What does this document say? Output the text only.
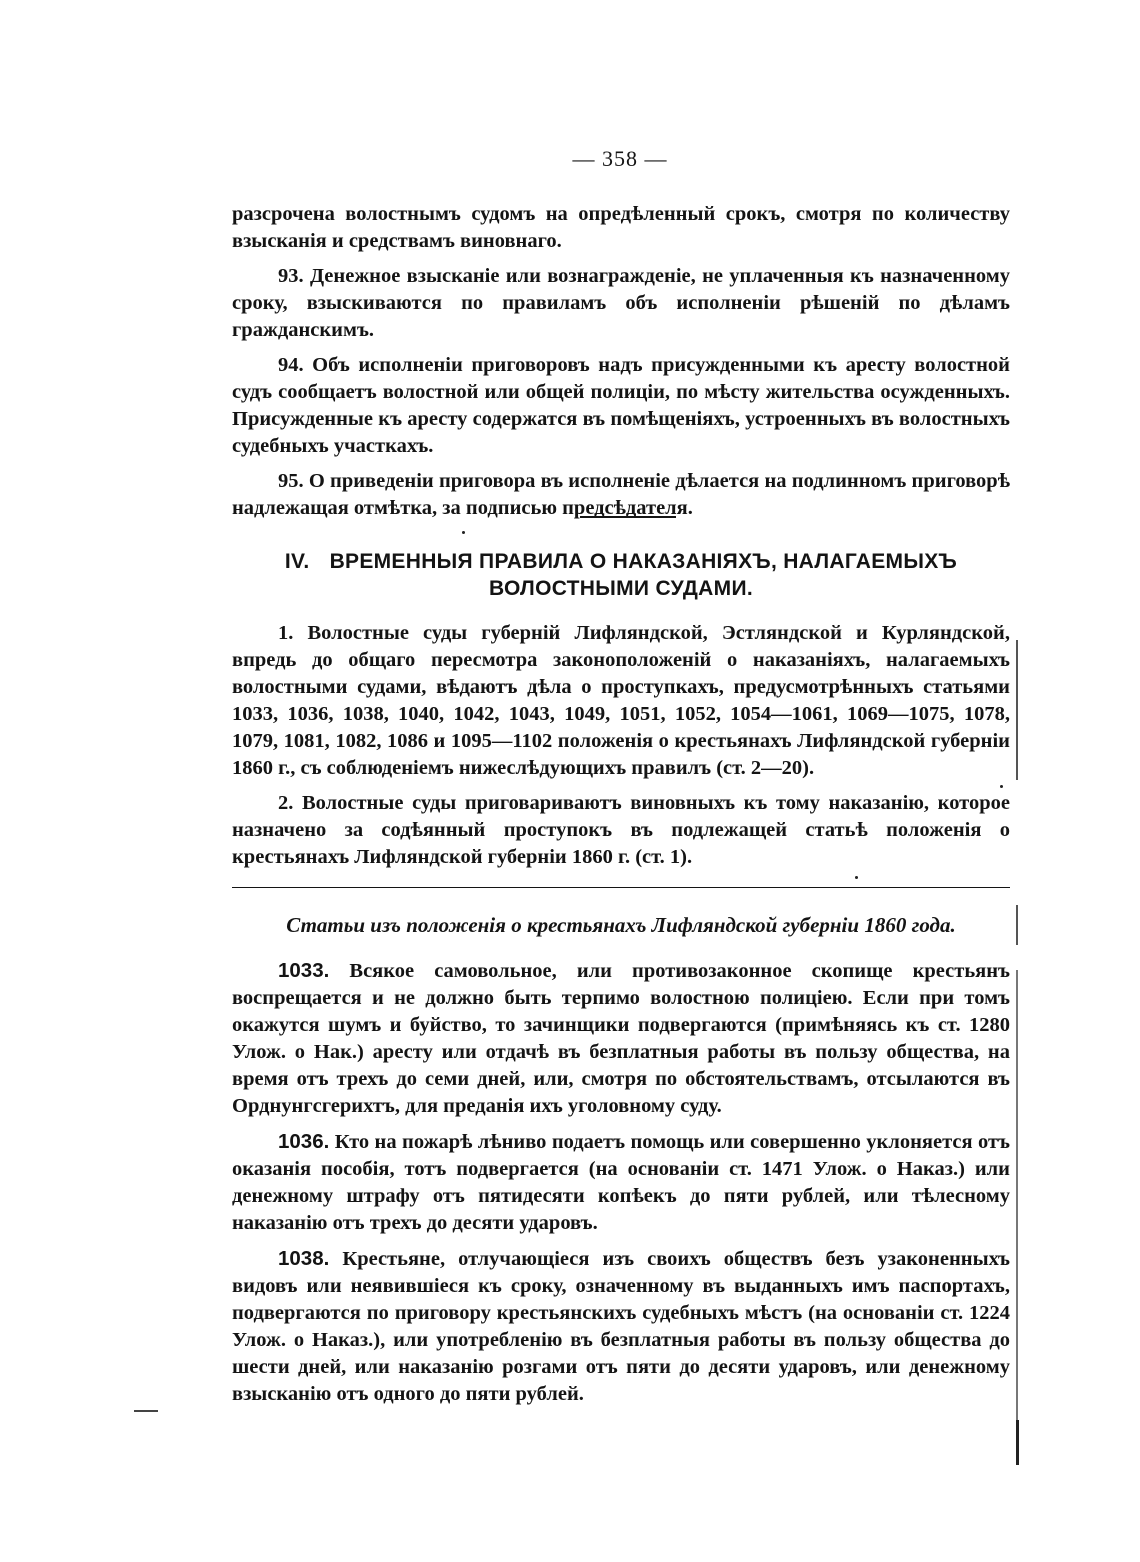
— 358 —

разсрочена волостнымъ судомъ на опредѣленный срокъ, смотря по количеству взысканія и средствамъ виновнаго.

93. Денежное взысканіе или вознагражденіе, не уплаченныя къ назначенному сроку, взыскиваются по правиламъ объ исполненіи рѣшеній по дѣламъ гражданскимъ.

94. Объ исполненіи приговоровъ надъ присужденными къ аресту волостной судъ сообщаетъ волостной или общей полиціи, по мѣсту жительства осужденныхъ. Присужденные къ аресту содержатся въ помѣщеніяхъ, устроенныхъ въ волостныхъ судебныхъ участкахъ.

95. О приведеніи приговора въ исполненіе дѣлается на подлинномъ приговорѣ надлежащая отмѣтка, за подписью предсѣдателя.

IV. ВРЕМЕННЫЯ ПРАВИЛА О НАКАЗАНІЯХЪ, НАЛАГАЕМЫХЪ ВОЛОСТНЫМИ СУДАМИ.

1. Волостные суды губерній Лифляндской, Эстляндской и Курляндской, впредь до общаго пересмотра законоположеній о наказаніяхъ, налагаемыхъ волостными судами, вѣдаютъ дѣла о проступкахъ, предусмотрѣнныхъ статьями 1033, 1036, 1038, 1040, 1042, 1043, 1049, 1051, 1052, 1054—1061, 1069—1075, 1078, 1079, 1081, 1082, 1086 и 1095—1102 положенія о крестьянахъ Лифляндской губерніи 1860 г., съ соблюденіемъ нижеслѣдующихъ правилъ (ст. 2—20).

2. Волостные суды приговариваютъ виновныхъ къ тому наказанію, которое назначено за содѣянный проступокъ въ подлежащей статьѣ положенія о крестьянахъ Лифляндской губерніи 1860 г. (ст. 1).

Статьи изъ положенія о крестьянахъ Лифляндской губерніи 1860 года.

1033. Всякое самовольное, или противозаконное скопище крестьянъ воспрещается и не должно быть терпимо волостною полиціею. Если при томъ окажутся шумъ и буйство, то зачинщики подвергаются (примѣняясь къ ст. 1280 Улож. о Нак.) аресту или отдачѣ въ безплатныя работы въ пользу общества, на время отъ трехъ до семи дней, или, смотря по обстоятельствамъ, отсылаются въ Орднунгсгерихтъ, для преданія ихъ уголовному суду.

1036. Кто на пожарѣ лѣниво подаетъ помощь или совершенно уклоняется отъ оказанія пособія, тотъ подвергается (на основаніи ст. 1471 Улож. о Наказ.) или денежному штрафу отъ пятидесяти копѣекъ до пяти рублей, или тѣлесному наказанію отъ трехъ до десяти ударовъ.

1038. Крестьяне, отлучающіеся изъ своихъ обществъ безъ узаконенныхъ видовъ или неявившіеся къ сроку, означенному въ выданныхъ имъ паспортахъ, подвергаются по приговору крестьянскихъ судебныхъ мѣстъ (на основаніи ст. 1224 Улож. о Наказ.), или употребленію въ безплатныя работы въ пользу общества до шести дней, или наказанію розгами отъ пяти до десяти ударовъ, или денежному взысканію отъ одного до пяти рублей.
